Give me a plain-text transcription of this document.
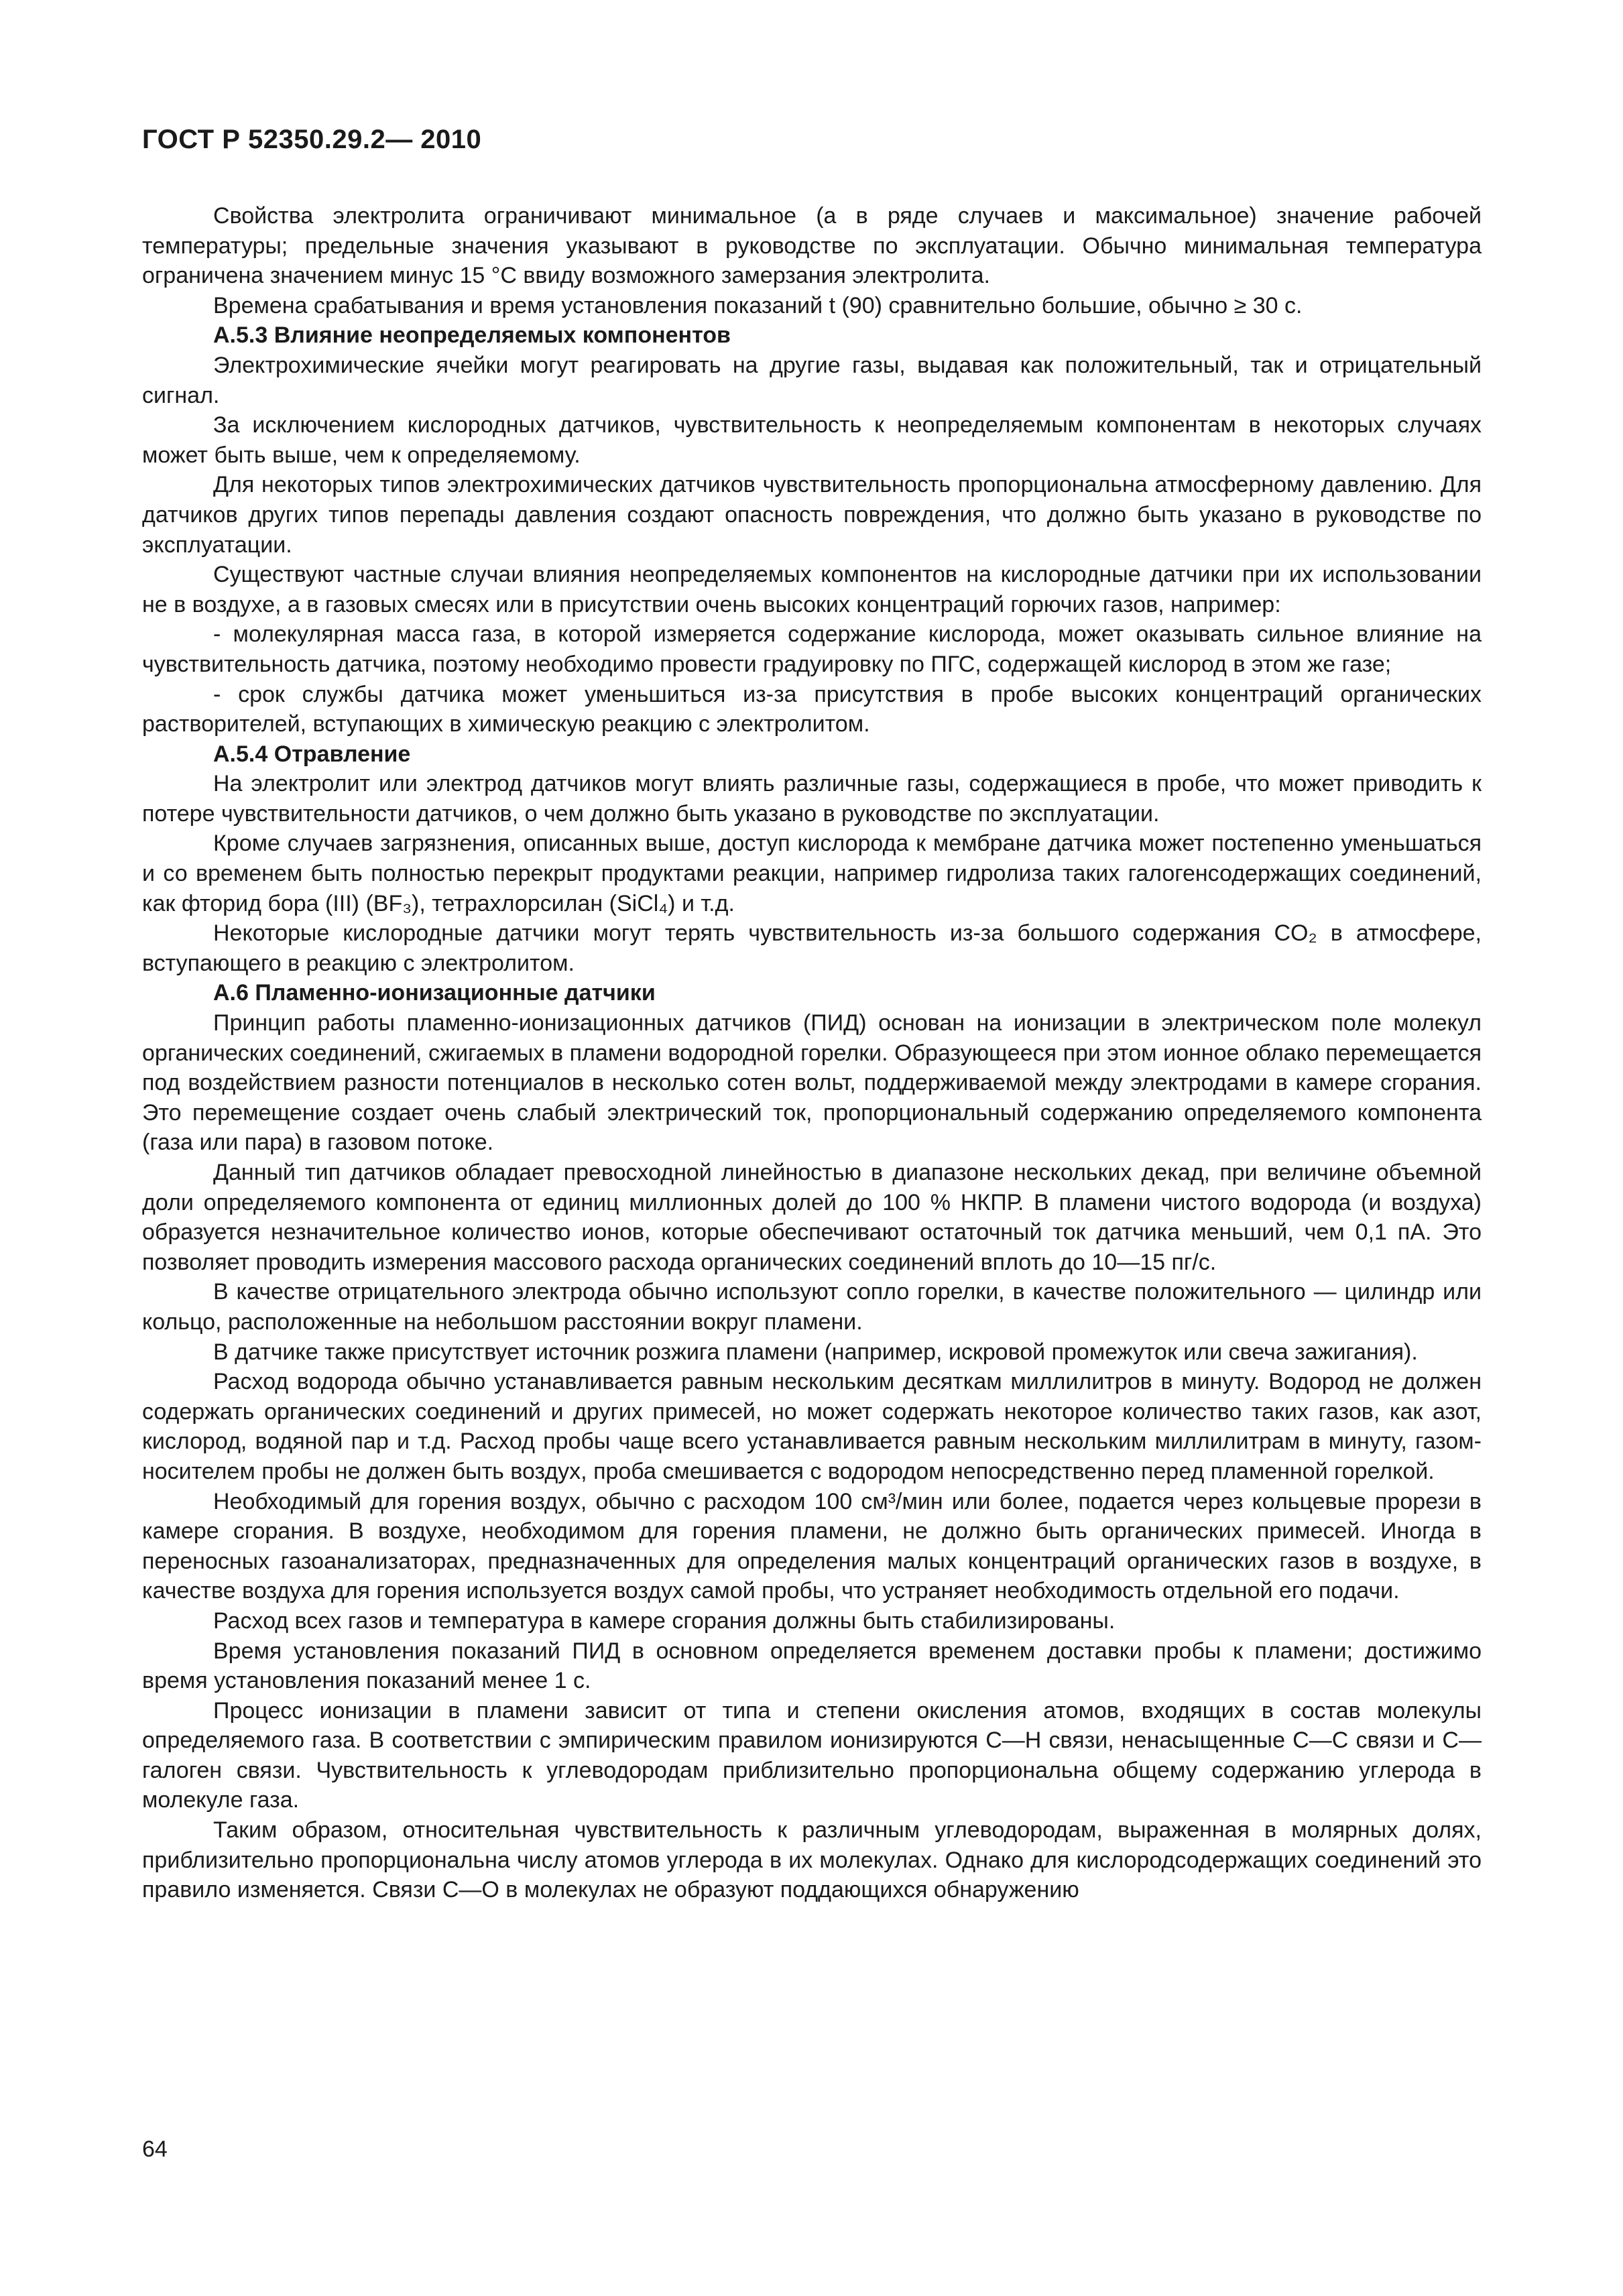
ГОСТ Р 52350.29.2— 2010

Свойства электролита ограничивают минимальное (а в ряде случаев и максимальное) значение рабочей температуры; предельные значения указывают в руководстве по эксплуатации. Обычно минимальная температура ограничена значением минус 15 °С ввиду возможного замерзания электролита.

Времена срабатывания и время установления показаний t (90) сравнительно большие, обычно ≥ 30 с.

А.5.3 Влияние неопределяемых компонентов

Электрохимические ячейки могут реагировать на другие газы, выдавая как положительный, так и отрицательный сигнал.

За исключением кислородных датчиков, чувствительность к неопределяемым компонентам в некоторых случаях может быть выше, чем к определяемому.

Для некоторых типов электрохимических датчиков чувствительность пропорциональна атмосферному давлению. Для датчиков других типов перепады давления создают опасность повреждения, что должно быть указано в руководстве по эксплуатации.

Существуют частные случаи влияния неопределяемых компонентов на кислородные датчики при их использовании не в воздухе, а в газовых смесях или в присутствии очень высоких концентраций горючих газов, например:

- молекулярная масса газа, в которой измеряется содержание кислорода, может оказывать сильное влияние на чувствительность датчика, поэтому необходимо провести градуировку по ПГС, содержащей кислород в этом же газе;

- срок службы датчика может уменьшиться из-за присутствия в пробе высоких концентраций органических растворителей, вступающих в химическую реакцию с электролитом.

А.5.4 Отравление

На электролит или электрод датчиков могут влиять различные газы, содержащиеся в пробе, что может приводить к потере чувствительности датчиков, о чем должно быть указано в руководстве по эксплуатации.

Кроме случаев загрязнения, описанных выше, доступ кислорода к мембране датчика может постепенно уменьшаться и со временем быть полностью перекрыт продуктами реакции, например гидролиза таких галогенсодержащих соединений, как фторид бора (III) (BF₃), тетрахлорсилан (SiCl₄) и т.д.

Некоторые кислородные датчики могут терять чувствительность из-за большого содержания CO₂ в атмосфере, вступающего в реакцию с электролитом.

А.6 Пламенно-ионизационные датчики

Принцип работы пламенно-ионизационных датчиков (ПИД) основан на ионизации в электрическом поле молекул органических соединений, сжигаемых в пламени водородной горелки. Образующееся при этом ионное облако перемещается под воздействием разности потенциалов в несколько сотен вольт, поддерживаемой между электродами в камере сгорания. Это перемещение создает очень слабый электрический ток, пропорциональный содержанию определяемого компонента (газа или пара) в газовом потоке.

Данный тип датчиков обладает превосходной линейностью в диапазоне нескольких декад, при величине объемной доли определяемого компонента от единиц миллионных долей до 100 % НКПР. В пламени чистого водорода (и воздуха) образуется незначительное количество ионов, которые обеспечивают остаточный ток датчика меньший, чем 0,1 пА. Это позволяет проводить измерения массового расхода органических соединений вплоть до 10—15 пг/с.

В качестве отрицательного электрода обычно используют сопло горелки, в качестве положительного — цилиндр или кольцо, расположенные на небольшом расстоянии вокруг пламени.

В датчике также присутствует источник розжига пламени (например, искровой промежуток или свеча зажигания).

Расход водорода обычно устанавливается равным нескольким десяткам миллилитров в минуту. Водород не должен содержать органических соединений и других примесей, но может содержать некоторое количество таких газов, как азот, кислород, водяной пар и т.д. Расход пробы чаще всего устанавливается равным нескольким миллилитрам в минуту, газом-носителем пробы не должен быть воздух, проба смешивается с водородом непосредственно перед пламенной горелкой.

Необходимый для горения воздух, обычно с расходом 100 см³/мин или более, подается через кольцевые прорези в камере сгорания. В воздухе, необходимом для горения пламени, не должно быть органических примесей. Иногда в переносных газоанализаторах, предназначенных для определения малых концентраций органических газов в воздухе, в качестве воздуха для горения используется воздух самой пробы, что устраняет необходимость отдельной его подачи.

Расход всех газов и температура в камере сгорания должны быть стабилизированы.

Время установления показаний ПИД в основном определяется временем доставки пробы к пламени; достижимо время установления показаний менее 1 с.

Процесс ионизации в пламени зависит от типа и степени окисления атомов, входящих в состав молекулы определяемого газа. В соответствии с эмпирическим правилом ионизируются С—Н связи, ненасыщенные С—С связи и С—галоген связи. Чувствительность к углеводородам приблизительно пропорциональна общему содержанию углерода в молекуле газа.

Таким образом, относительная чувствительность к различным углеводородам, выраженная в молярных долях, приблизительно пропорциональна числу атомов углерода в их молекулах. Однако для кислородсодержащих соединений это правило изменяется. Связи С—О в молекулах не образуют поддающихся обнаружению

64
